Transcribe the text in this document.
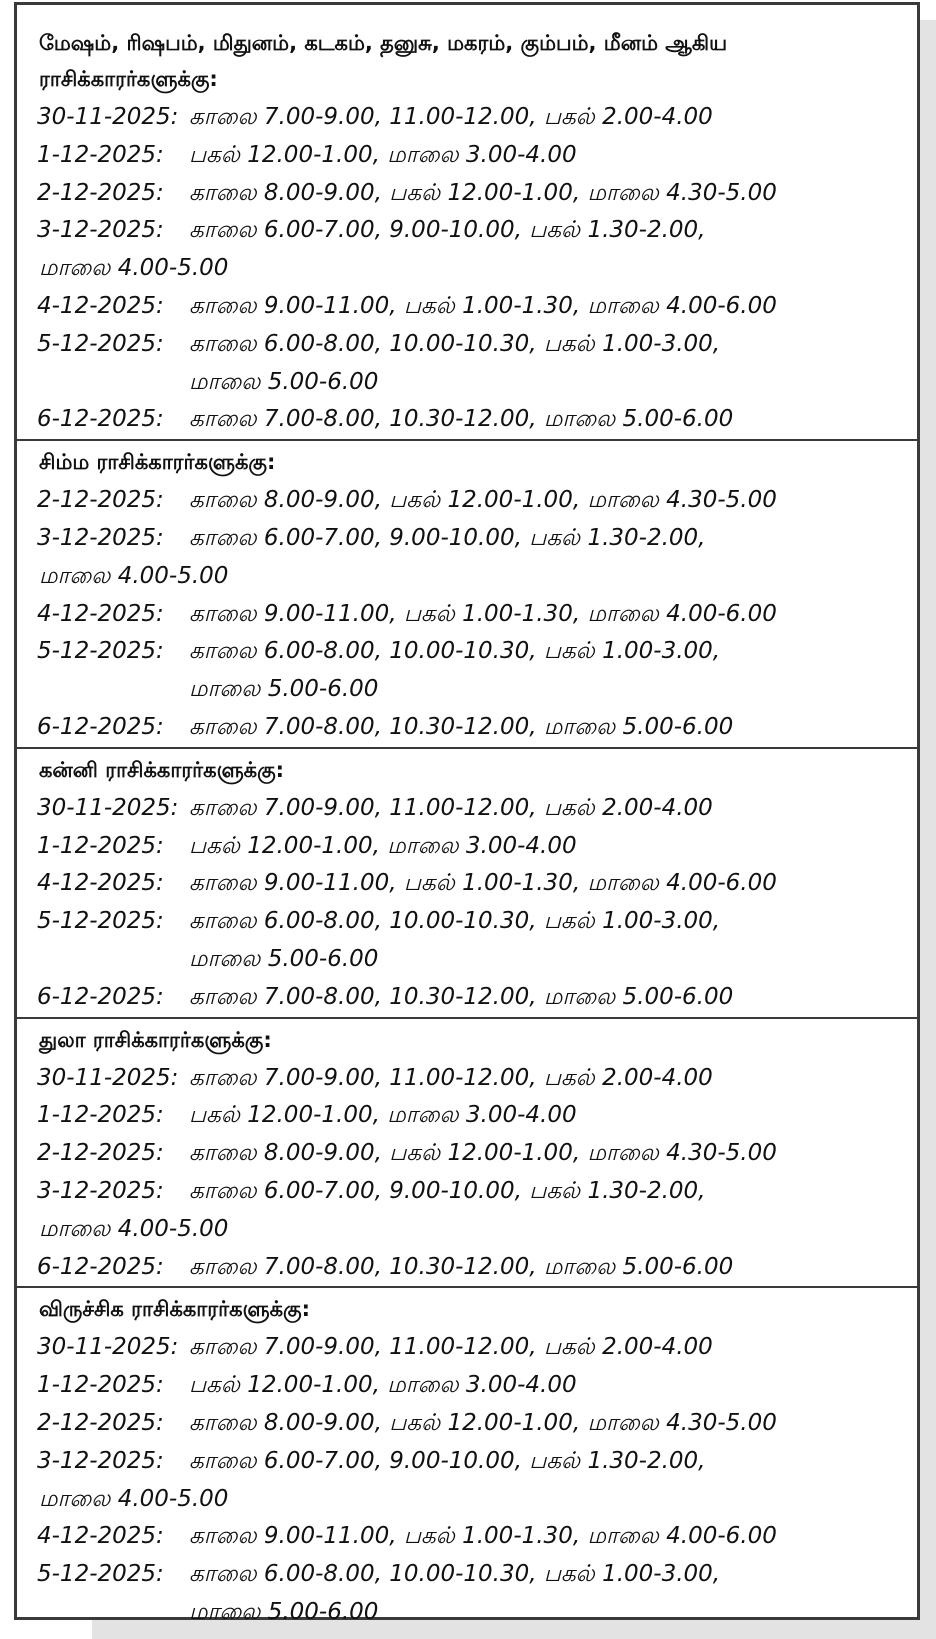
மேஷம், ரிஷபம், மிதுனம், கடகம், தனுசு, மகரம், கும்பம், மீனம் ஆகிய ராசிக்காரர்களுக்கு:
30-11-2025: காலை 7.00-9.00, 11.00-12.00, பகல் 2.00-4.00
1-12-2025:	பகல் 12.00-1.00, மாலை 3.00-4.00
2-12-2025:	காலை 8.00-9.00, பகல் 12.00-1.00, மாலை 4.30-5.00
3-12-2025:	காலை 6.00-7.00, 9.00-10.00, பகல் 1.30-2.00,
மாலை 4.00-5.00
4-12-2025:	காலை 9.00-11.00, பகல் 1.00-1.30, மாலை 4.00-6.00
5-12-2025:	காலை 6.00-8.00, 10.00-10.30, பகல் 1.00-3.00,
மாலை 5.00-6.00
6-12-2025:	காலை 7.00-8.00, 10.30-12.00, மாலை 5.00-6.00
சிம்ம ராசிக்காரர்களுக்கு:
2-12-2025:	காலை 8.00-9.00, பகல் 12.00-1.00, மாலை 4.30-5.00
3-12-2025:	காலை 6.00-7.00, 9.00-10.00, பகல் 1.30-2.00,
மாலை 4.00-5.00
4-12-2025:	காலை 9.00-11.00, பகல் 1.00-1.30, மாலை 4.00-6.00
5-12-2025:	காலை 6.00-8.00, 10.00-10.30, பகல் 1.00-3.00,
மாலை 5.00-6.00
6-12-2025:	காலை 7.00-8.00, 10.30-12.00, மாலை 5.00-6.00
கன்னி ராசிக்காரர்களுக்கு:
30-11-2025: காலை 7.00-9.00, 11.00-12.00, பகல் 2.00-4.00
1-12-2025:	பகல் 12.00-1.00, மாலை 3.00-4.00
4-12-2025:	காலை 9.00-11.00, பகல் 1.00-1.30, மாலை 4.00-6.00
5-12-2025:	காலை 6.00-8.00, 10.00-10.30, பகல் 1.00-3.00,
மாலை 5.00-6.00
6-12-2025:	காலை 7.00-8.00, 10.30-12.00, மாலை 5.00-6.00
துலா ராசிக்காரர்களுக்கு:
30-11-2025: காலை 7.00-9.00, 11.00-12.00, பகல் 2.00-4.00
1-12-2025:	பகல் 12.00-1.00, மாலை 3.00-4.00
2-12-2025:	காலை 8.00-9.00, பகல் 12.00-1.00, மாலை 4.30-5.00
3-12-2025:	காலை 6.00-7.00, 9.00-10.00, பகல் 1.30-2.00,
மாலை 4.00-5.00
6-12-2025:	காலை 7.00-8.00, 10.30-12.00, மாலை 5.00-6.00
விருச்சிக ராசிக்காரர்களுக்கு:
30-11-2025: காலை 7.00-9.00, 11.00-12.00, பகல் 2.00-4.00
1-12-2025:	பகல் 12.00-1.00, மாலை 3.00-4.00
2-12-2025:	காலை 8.00-9.00, பகல் 12.00-1.00, மாலை 4.30-5.00
3-12-2025:	காலை 6.00-7.00, 9.00-10.00, பகல் 1.30-2.00,
மாலை 4.00-5.00
4-12-2025:	காலை 9.00-11.00, பகல் 1.00-1.30, மாலை 4.00-6.00
5-12-2025:	காலை 6.00-8.00, 10.00-10.30, பகல் 1.00-3.00,
மாலை 5.00-6.00
